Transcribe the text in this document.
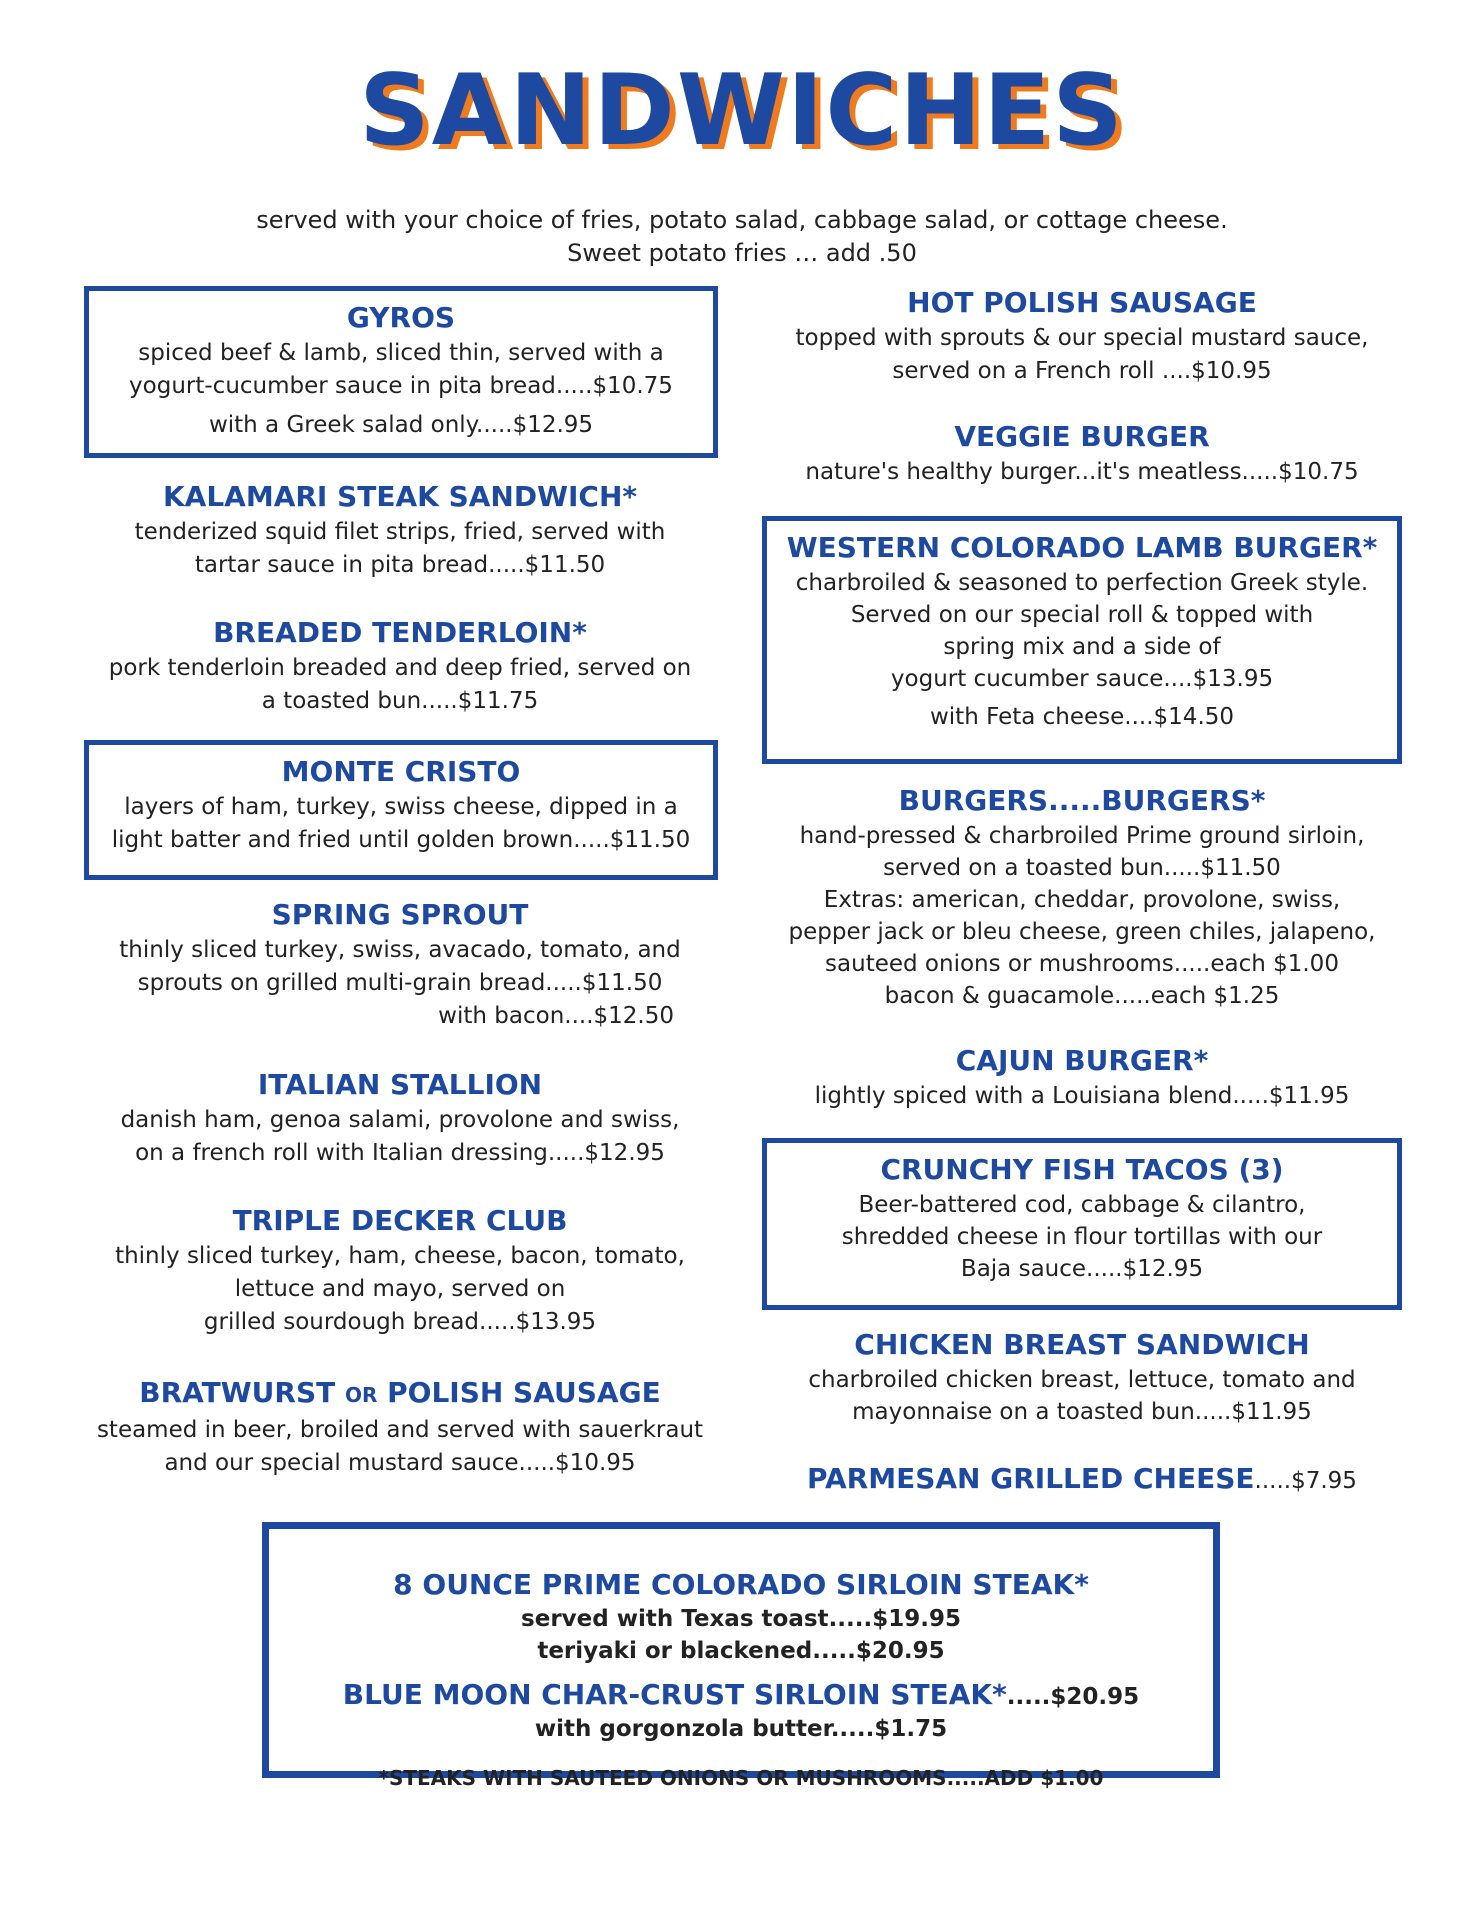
SANDWICHES
served with your choice of fries, potato salad, cabbage salad, or cottage cheese.
Sweet potato fries … add .50
GYROS
spiced beef & lamb, sliced thin, served with a
yogurt-cucumber sauce in pita bread.....$10.75
with a Greek salad only.....$12.95
KALAMARI STEAK SANDWICH*
tenderized squid filet strips, fried, served with
tartar sauce in pita bread.....$11.50
BREADED TENDERLOIN*
pork tenderloin breaded and deep fried, served on
a toasted bun.....$11.75
MONTE CRISTO
layers of ham, turkey, swiss cheese, dipped in a
light batter and fried until golden brown.....$11.50
SPRING SPROUT
thinly sliced turkey, swiss, avacado, tomato, and
sprouts on grilled multi-grain bread.....$11.50
with bacon....$12.50
ITALIAN STALLION
danish ham, genoa salami, provolone and swiss,
on a french roll with Italian dressing.....$12.95
TRIPLE DECKER CLUB
thinly sliced turkey, ham, cheese, bacon, tomato,
lettuce and mayo, served on
grilled sourdough bread.....$13.95
BRATWURST OR POLISH SAUSAGE
steamed in beer, broiled and served with sauerkraut
and our special mustard sauce.....$10.95
HOT POLISH SAUSAGE
topped with sprouts & our special mustard sauce,
served on a French roll ....$10.95
VEGGIE BURGER
nature's healthy burger...it's meatless.....$10.75
WESTERN COLORADO LAMB BURGER*
charbroiled & seasoned to perfection Greek style.
Served on our special roll & topped with
spring mix and a side of
yogurt cucumber sauce....$13.95
with Feta cheese....$14.50
BURGERS.....BURGERS*
hand-pressed & charbroiled Prime ground sirloin,
served on a toasted bun.....$11.50
Extras: american, cheddar, provolone, swiss,
pepper jack or bleu cheese, green chiles, jalapeno,
sauteed onions or mushrooms.....each $1.00
bacon & guacamole.....each $1.25
CAJUN BURGER*
lightly spiced with a Louisiana blend.....$11.95
CRUNCHY FISH TACOS (3)
Beer-battered cod, cabbage & cilantro,
shredded cheese in flour tortillas with our
Baja sauce.....$12.95
CHICKEN BREAST SANDWICH
charbroiled chicken breast, lettuce, tomato and
mayonnaise on a toasted bun.....$11.95
PARMESAN GRILLED CHEESE.....$7.95
8 OUNCE PRIME COLORADO SIRLOIN STEAK*
served with Texas toast.....$19.95
teriyaki or blackened.....$20.95
BLUE MOON CHAR-CRUST SIRLOIN STEAK*.....$20.95
with gorgonzola butter.....$1.75
*STEAKS WITH SAUTEED ONIONS OR MUSHROOMS.....ADD $1.00
